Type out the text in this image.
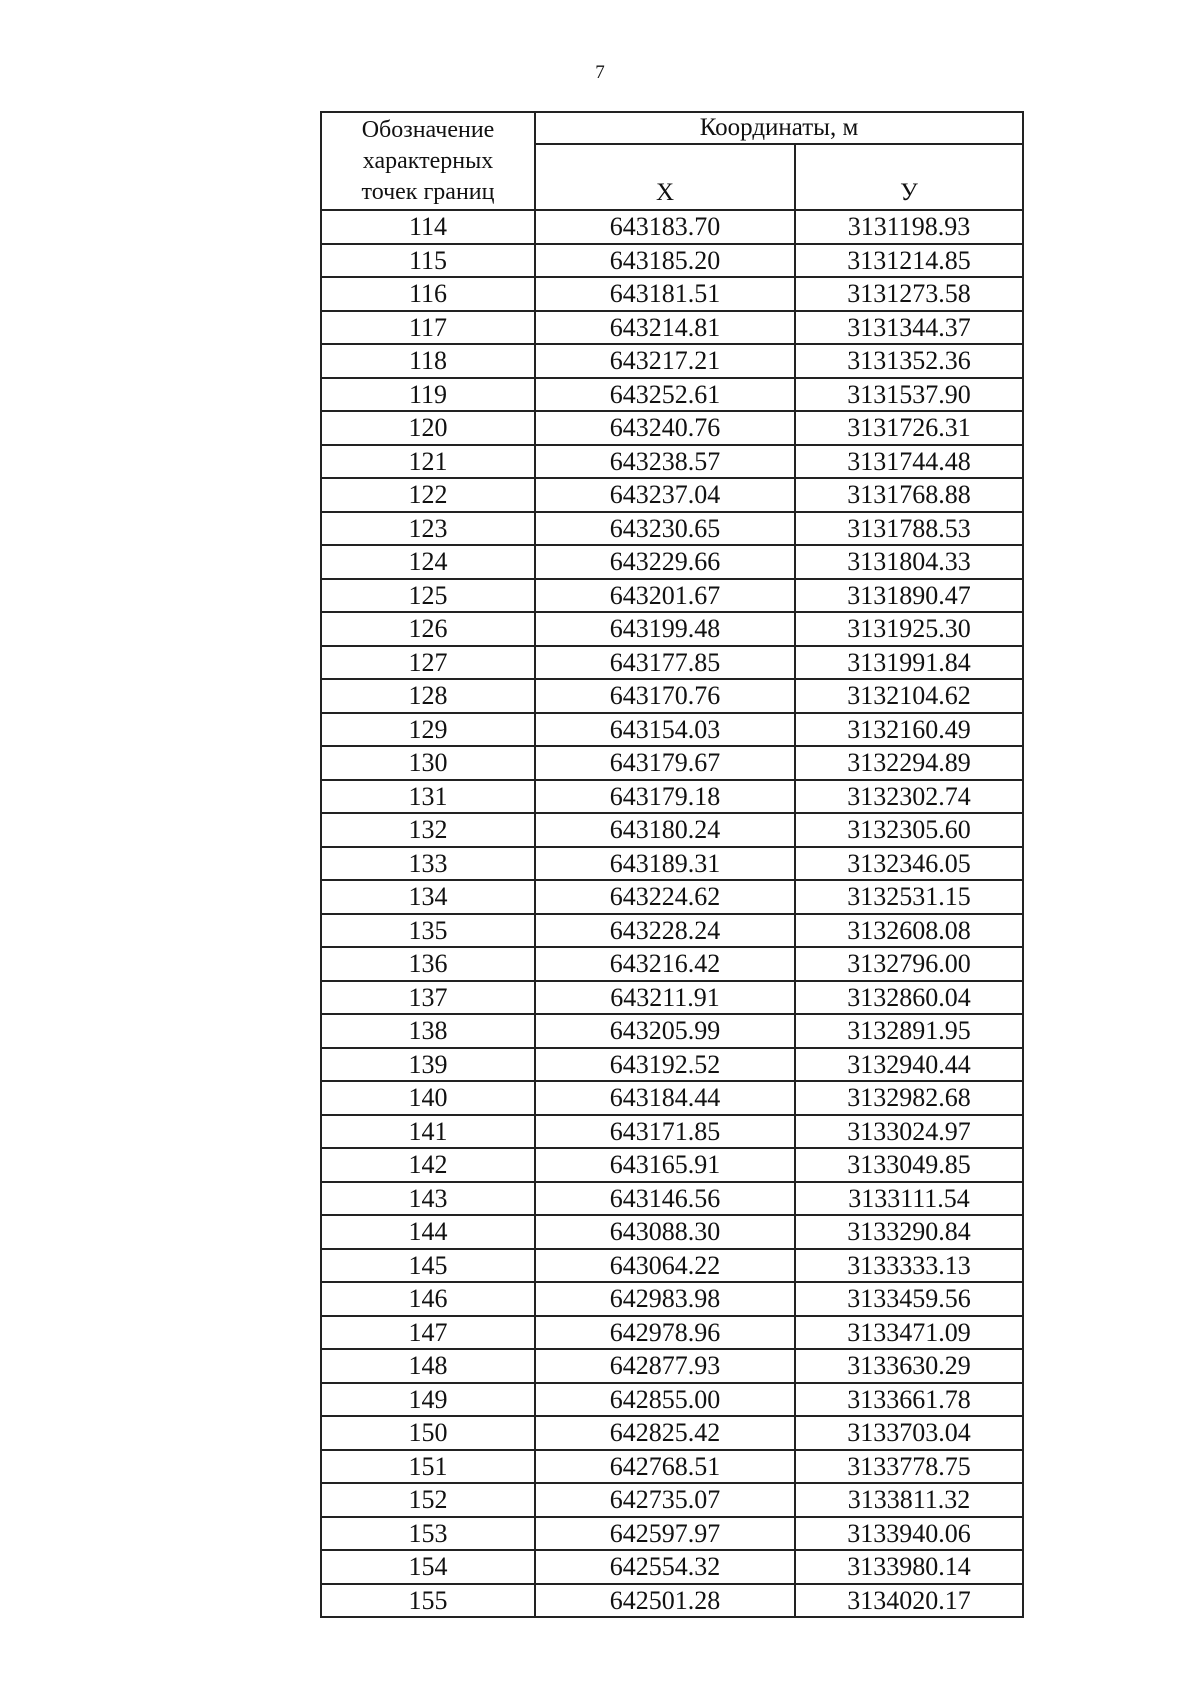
7
Обозначение
характерных
точек границ	Координаты, м	
	Х	У
114	643183.70	3131198.93
115	643185.20	3131214.85
116	643181.51	3131273.58
117	643214.81	3131344.37
118	643217.21	3131352.36
119	643252.61	3131537.90
120	643240.76	3131726.31
121	643238.57	3131744.48
122	643237.04	3131768.88
123	643230.65	3131788.53
124	643229.66	3131804.33
125	643201.67	3131890.47
126	643199.48	3131925.30
127	643177.85	3131991.84
128	643170.76	3132104.62
129	643154.03	3132160.49
130	643179.67	3132294.89
131	643179.18	3132302.74
132	643180.24	3132305.60
133	643189.31	3132346.05
134	643224.62	3132531.15
135	643228.24	3132608.08
136	643216.42	3132796.00
137	643211.91	3132860.04
138	643205.99	3132891.95
139	643192.52	3132940.44
140	643184.44	3132982.68
141	643171.85	3133024.97
142	643165.91	3133049.85
143	643146.56	3133111.54
144	643088.30	3133290.84
145	643064.22	3133333.13
146	642983.98	3133459.56
147	642978.96	3133471.09
148	642877.93	3133630.29
149	642855.00	3133661.78
150	642825.42	3133703.04
151	642768.51	3133778.75
152	642735.07	3133811.32
153	642597.97	3133940.06
154	642554.32	3133980.14
155	642501.28	3134020.17
